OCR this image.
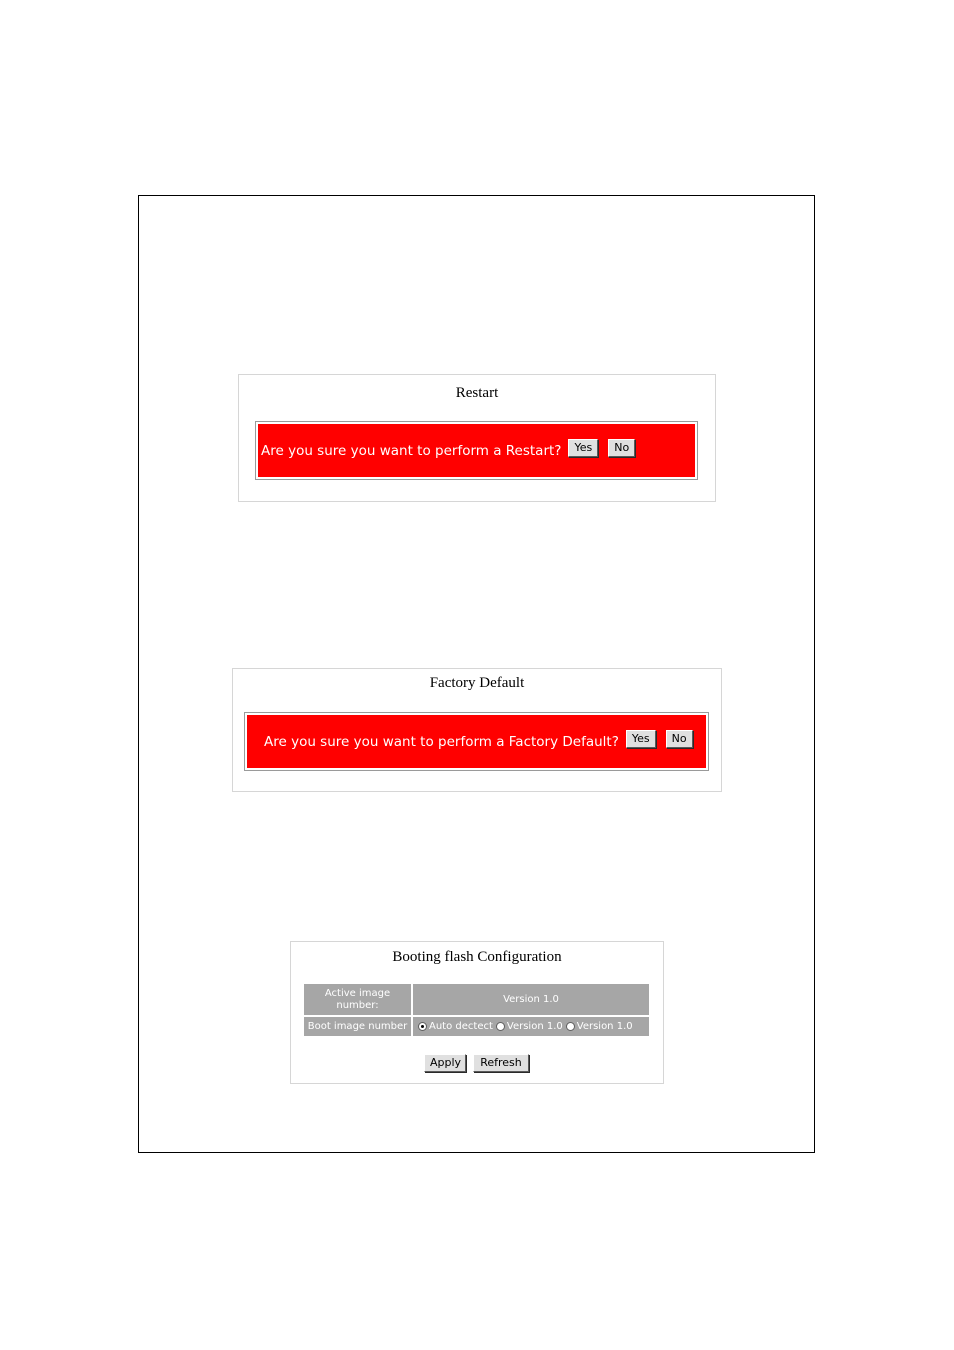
Restart
Are you sure you want to perform a Restart?	Yes	No
Factory Default
Are you sure you want to perform a Factory Default?	Yes	No
Booting flash Configuration
Active image number:	Version 1.0
Boot image number	Auto dectect Version 1.0 Version 1.0
Apply	Refresh
